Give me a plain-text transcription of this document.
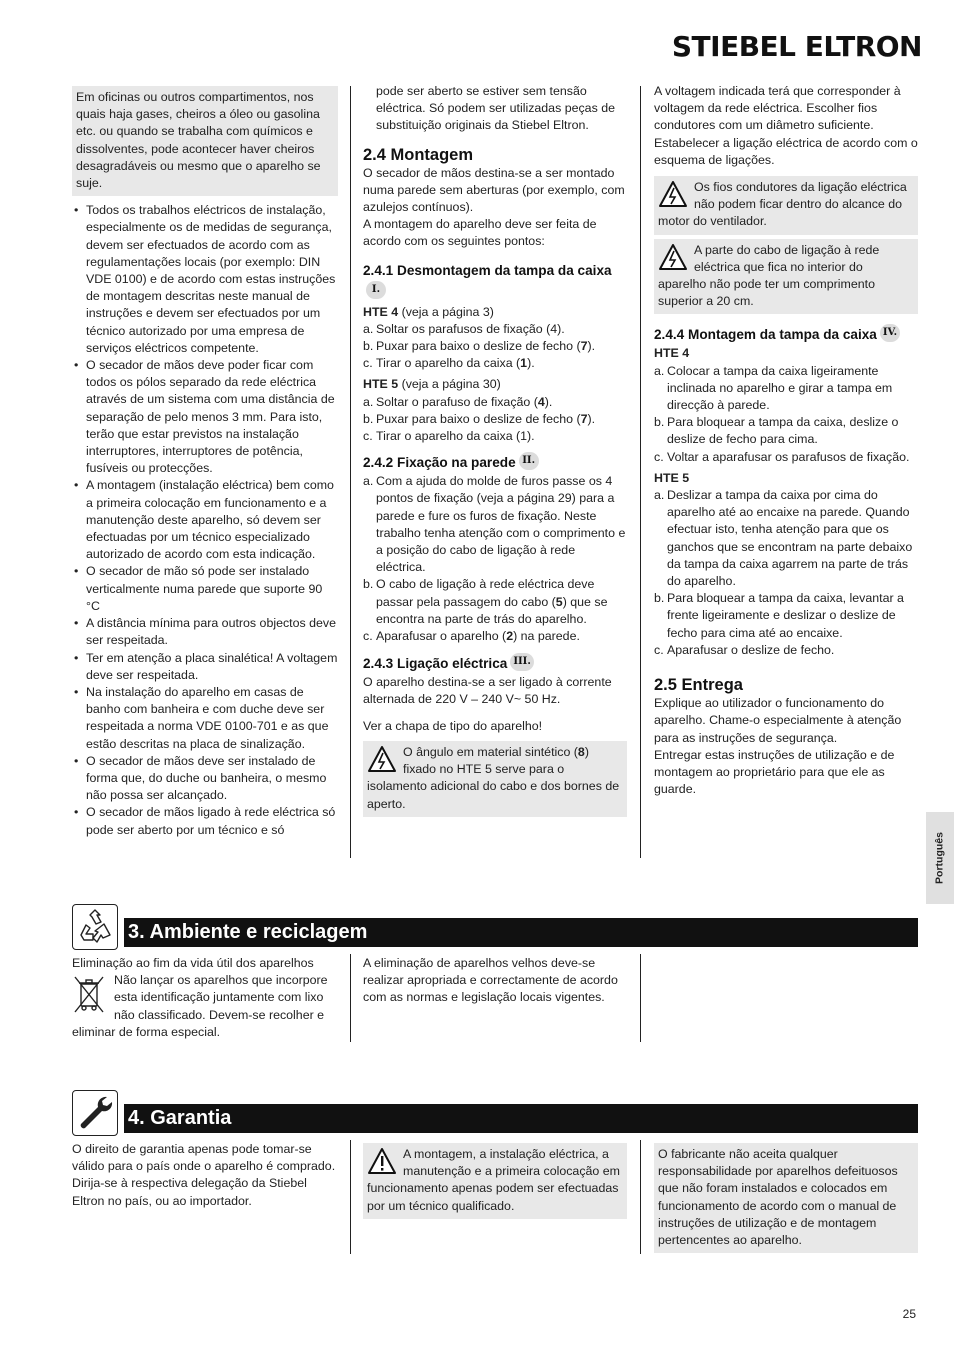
STIEBEL ELTRON
Em oficinas ou outros compartimentos, nos quais haja gases, cheiros a óleo ou gasolina etc. ou quando se trabalha com químicos e dissolventes, pode acontecer haver cheiros desagradáveis ou mesmo que o aparelho se suje.
• Todos os trabalhos eléctricos de instalação, especialmente os de medidas de segurança, devem ser efectuados de acordo com as regulamentações locais (por exemplo: DIN VDE 0100) e de acordo com estas instruções de montagem descritas neste manual de instruções e devem ser efectuados por um técnico autorizado por uma empresa de serviços eléctricos competente.
• O secador de mãos deve poder ficar com todos os pólos separado da rede eléctrica através de um sistema com uma distância de separação de pelo menos 3 mm. Para isto, terão que estar previstos na instalação interruptores, interruptores de potência, fusíveis ou protecções.
• A montagem (instalação eléctrica) bem como a primeira colocação em funcionamento e a manutenção deste aparelho, só devem ser efectuadas por um técnico especializado autorizado de acordo com esta indicação.
• O secador de mão só pode ser instalado verticalmente numa parede que suporte 90 °C
• A distância mínima para outros objectos deve ser respeitada.
• Ter em atenção a placa sinalética! A voltagem deve ser respeitada.
• Na instalação do aparelho em casas de banho com banheira e com duche deve ser respeitada a norma VDE 0100-701 e as que estão descritas na placa de sinalização.
• O secador de mãos deve ser instalado de forma que, do duche ou banheira, o mesmo não possa ser alcançado.
• O secador de mãos ligado à rede eléctrica só pode ser aberto por um técnico e só

pode ser aberto se estiver sem tensão eléctrica. Só podem ser utilizadas peças de substituição originais da Stiebel Eltron.

2.4 Montagem

O secador de mãos destina-se a ser montado numa parede sem aberturas (por exemplo, com azulejos contínuos).

A montagem do aparelho deve ser feita de acordo com os seguintes pontos:

2.4.1 Desmontagem da tampa da caixaI.

HTE 4 (veja a página 3)

a. Soltar os parafusos de fixação (4).
b. Puxar para baixo o deslize de fecho (7).
c. Tirar o aparelho da caixa (1).

HTE 5 (veja a página 30)

a. Soltar o parafuso de fixação (4).
b. Puxar para baixo o deslize de fecho (7).
c. Tirar o aparelho da caixa (1).
2.4.2 Fixação na parede II.
a. Com a ajuda do molde de furos passe os 4 pontos de fixação (veja a página 29) para a parede e fure os furos de fixação. Neste trabalho tenha atenção com o comprimento e a posição do cabo de ligação à rede eléctrica.
b. O cabo de ligação à rede eléctrica deve passar pela passagem do cabo (5) que se encontra na parte de trás do aparelho.
c. Aparafusar o aparelho (2) na parede.
2.4.3 Ligação eléctrica III.

O aparelho destina-se a ser ligado à corrente alternada de 220 V – 240 V~ 50 Hz.

Ver a chapa de tipo do aparelho!

O ângulo em material sintético (8) fixado no HTE 5 serve para o isolamento adicional do cabo e dos bornes de aperto.

A voltagem indicada terá que corresponder à voltagem da rede eléctrica. Escolher fios condutores com um diâmetro suficiente. Estabelecer a ligação eléctrica de acordo com o esquema de ligações.

Os fios condutores da ligação eléctrica não podem ficar dentro do alcance do motor do ventilador.
A parte do cabo de ligação à rede eléctrica que fica no interior do aparelho não pode ter um comprimento superior a 20 cm.
2.4.4 Montagem da tampa da caixa IV.

HTE 4

a. Colocar a tampa da caixa ligeiramente inclinada no aparelho e girar a tampa em direcção à parede.
b. Para bloquear a tampa da caixa, deslize o deslize de fecho para cima.
c. Voltar a aparafusar os parafusos de fixação.

HTE 5

a. Deslizar a tampa da caixa por cima do aparelho até ao encaixe na parede. Quando efectuar isto, tenha atenção para que os ganchos que se encontram na parte debaixo da tampa da caixa agarrem na parte de trás do aparelho.
b. Para bloquear a tampa da caixa, levantar a frente ligeiramente e deslizar o deslize de fecho para cima até ao encaixe.
c. Aparafusar o deslize de fecho.
2.5 Entrega

Explique ao utilizador o funcionamento do aparelho. Chame-o especialmente à atenção para as instruções de segurança.

Entregar estas instruções de utilização e de montagem ao proprietário para que ele as guarde.

Português
3. Ambiente e reciclagem

Eliminação ao fim da vida útil dos aparelhos

Não lançar os aparelhos que incorpore esta identificação juntamente com lixo não classificado. Devem-se recolher e eliminar de forma especial.
A eliminação de aparelhos velhos deve-se realizar apropriada e correctamente de acordo com as normas e legislação locais vigentes.
4. Garantia
O direito de garantia apenas pode tomar-se válido para o país onde o aparelho é comprado. Dirija-se à respectiva delegação da Stiebel Eltron no país, ou ao importador.
A montagem, a instalação eléctrica, a manutenção e a primeira colocação em funcionamento apenas podem ser efectuadas por um técnico qualificado.
O fabricante não aceita qualquer responsabilidade por aparelhos defeituosos que não foram instalados e colocados em funcionamento de acordo com o manual de instruções de utilização e de montagem pertencentes ao aparelho.
25
